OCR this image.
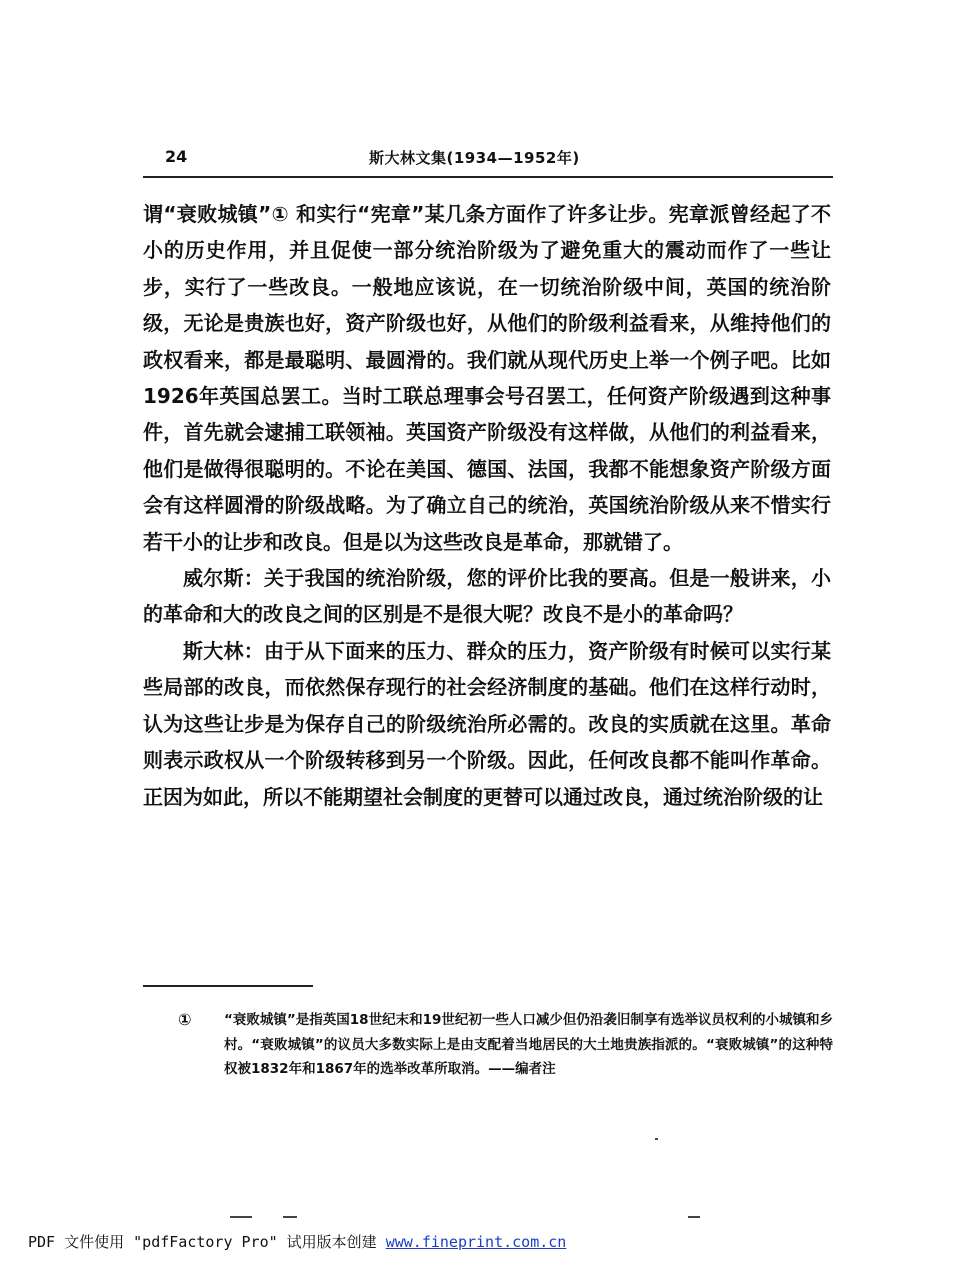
24	斯大林文集(1934—1952年)

谓“衰败城镇”① 和实行“宪章”某几条方面作了许多让步。宪章派曾经起了不小的历史作用，并且促使一部分统治阶级为了避免重大的震动而作了一些让步，实行了一些改良。一般地应该说，在一切统治阶级中间，英国的统治阶级，无论是贵族也好，资产阶级也好，从他们的阶级利益看来，从维持他们的政权看来，都是最聪明、最圆滑的。我们就从现代历史上举一个例子吧。比如1926年英国总罢工。当时工联总理事会号召罢工，任何资产阶级遇到这种事件，首先就会逮捕工联领袖。英国资产阶级没有这样做，从他们的利益看来，他们是做得很聪明的。不论在美国、德国、法国，我都不能想象资产阶级方面会有这样圆滑的阶级战略。为了确立自己的统治，英国统治阶级从来不惜实行若干小的让步和改良。但是以为这些改良是革命，那就错了。

威尔斯：关于我国的统治阶级，您的评价比我的要高。但是一般讲来，小的革命和大的改良之间的区别是不是很大呢？改良不是小的革命吗？

斯大林：由于从下面来的压力、群众的压力，资产阶级有时候可以实行某些局部的改良，而依然保存现行的社会经济制度的基础。他们在这样行动时，认为这些让步是为保存自己的阶级统治所必需的。改良的实质就在这里。革命则表示政权从一个阶级转移到另一个阶级。因此，任何改良都不能叫作革命。正因为如此，所以不能期望社会制度的更替可以通过改良，通过统治阶级的让

① “衰败城镇”是指英国18世纪末和19世纪初一些人口减少但仍沿袭旧制享有选举议员权利的小城镇和乡村。“衰败城镇”的议员大多数实际上是由支配着当地居民的大土地贵族指派的。“衰败城镇”的这种特权被1832年和1867年的选举改革所取消。——编者注
PDF 文件使用 "pdfFactory Pro" 试用版本创建 www.fineprint.com.cn
